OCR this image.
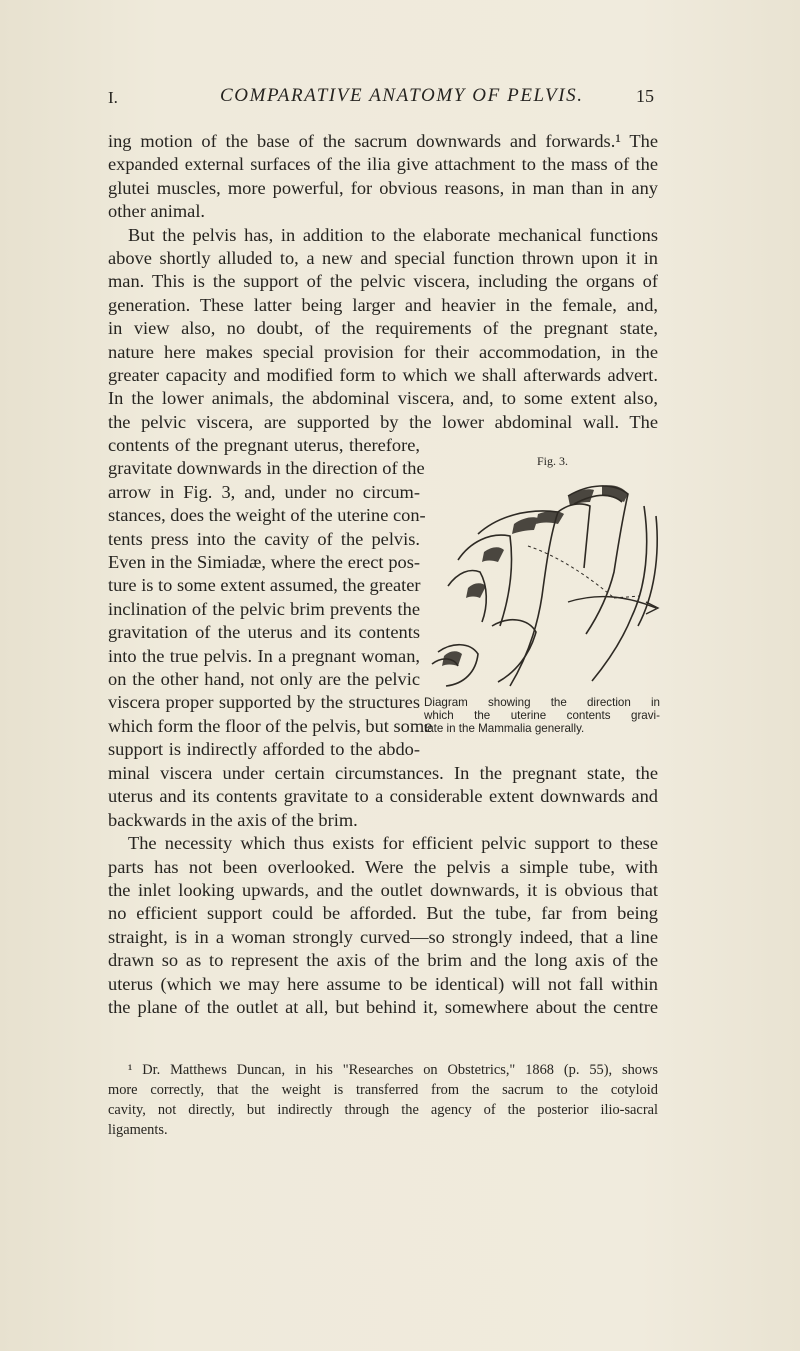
I.	COMPARATIVE ANATOMY OF PELVIS.	15
ing motion of the base of the sacrum downwards and forwards.¹ The
expanded external surfaces of the ilia give attachment to the mass of the
glutei muscles, more powerful, for obvious reasons, in man than in any
other animal.
But the pelvis has, in addition to the elaborate mechanical functions
above shortly alluded to, a new and special function thrown upon it in
man. This is the support of the pelvic viscera, including the organs of
generation. These latter being larger and heavier in the female, and,
in view also, no doubt, of the requirements of the pregnant state,
nature here makes special provision for their accommodation, in the
greater capacity and modified form to which we shall afterwards advert.
In the lower animals, the abdominal viscera, and, to some extent also,
the pelvic viscera, are supported by the lower abdominal wall. The
contents of the pregnant uterus, therefore,
gravitate downwards in the direction of the
arrow in Fig. 3, and, under no circum-
stances, does the weight of the uterine con-
tents press into the cavity of the pelvis.
Even in the Simiadæ, where the erect pos-
ture is to some extent assumed, the greater
inclination of the pelvic brim prevents the
gravitation of the uterus and its contents
into the true pelvis. In a pregnant woman,
on the other hand, not only are the pelvic
viscera proper supported by the structures
which form the floor of the pelvis, but some
support is indirectly afforded to the abdo-
Fig. 3.
Diagram showing the direction in
which the uterine contents gravi-
tate in the Mammalia generally.
minal viscera under certain circumstances. In the pregnant state, the
uterus and its contents gravitate to a considerable extent downwards and
backwards in the axis of the brim.
The necessity which thus exists for efficient pelvic support to these
parts has not been overlooked. Were the pelvis a simple tube, with
the inlet looking upwards, and the outlet downwards, it is obvious that
no efficient support could be afforded. But the tube, far from being
straight, is in a woman strongly curved—so strongly indeed, that a line
drawn so as to represent the axis of the brim and the long axis of the
uterus (which we may here assume to be identical) will not fall within
the plane of the outlet at all, but behind it, somewhere about the centre
¹ Dr. Matthews Duncan, in his "Researches on Obstetrics," 1868 (p. 55), shows
more correctly, that the weight is transferred from the sacrum to the cotyloid
cavity, not directly, but indirectly through the agency of the posterior ilio-sacral
ligaments.
